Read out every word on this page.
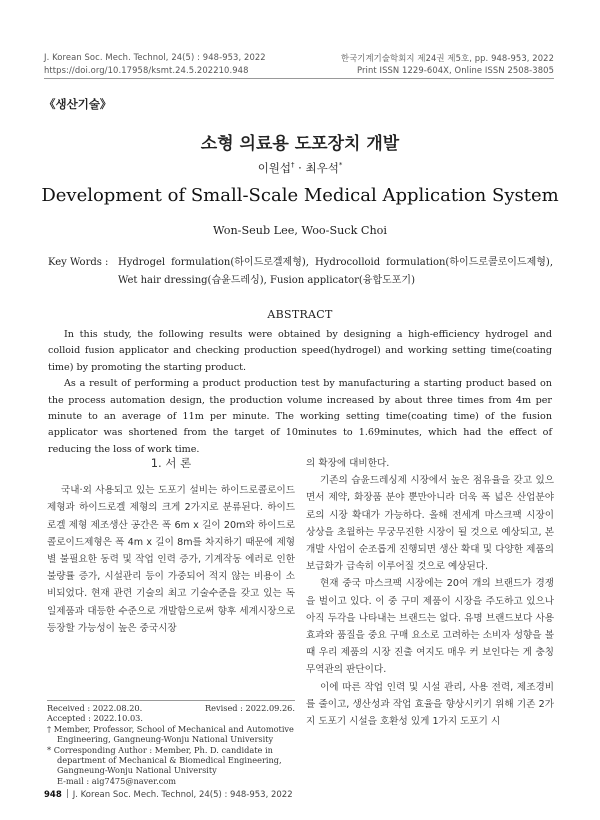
J. Korean Soc. Mech. Technol, 24(5) : 948-953, 2022
https://doi.org/10.17958/ksmt.24.5.202210.948
한국기계기술학회지 제24권 제5호, pp. 948-953, 2022
Print ISSN 1229-604X, Online ISSN 2508-3805
《생산기술》
소형 의료용 도포장치 개발
이원섭† · 최우석*
Development of Small-Scale Medical Application System
Won-Seub Lee, Woo-Suck Choi
Key Words : Hydrogel formulation(하이드로겔제형), Hydrocolloid formulation(하이드로콜로이드제형), Wet hair dressing(습윤드레싱), Fusion applicator(융합도포기)
ABSTRACT

In this study, the following results were obtained by designing a high-efficiency hydrogel and colloid fusion applicator and checking production speed(hydrogel) and working setting time(coating time) by promoting the starting product.

As a result of performing a product production test by manufacturing a starting product based on the process automation design, the production volume increased by about three times from 4m per minute to an average of 11m per minute. The working setting time(coating time) of the fusion applicator was shortened from the target of 10minutes to 1.69minutes, which had the effect of reducing the loss of work time.

1. 서 론

국내·외 사용되고 있는 도포기 설비는 하이드로콜로이드제형과 하이드로겔 제형의 크게 2가지로 분류된다. 하이드로겔 제형 제조생산 공간은 폭 6m x 길이 20m와 하이드로콜로이드제형은 폭 4m x 길이 8m를 차지하기 때문에 제형별 불필요한 동력 및 작업 인력 증가, 기계작동 에러로 인한 불량률 증가, 시설관리 등이 가중되어 적지 않는 비용이 소비되었다. 현재 관련 기술의 최고 기술수준을 갖고 있는 독일제품과 대등한 수준으로 개발함으로써 향후 세계시장으로 등장할 가능성이 높은 중국시장

의 확장에 대비한다.

기존의 습윤드레싱제 시장에서 높은 점유율을 갖고 있으면서 제약, 화장품 분야 뿐만아니라 더욱 폭 넓은 산업분야로의 시장 확대가 가능하다. 올해 전세계 마스크팩 시장이 상상을 초월하는 무궁무진한 시장이 될 것으로 예상되고, 본 개발 사업이 순조롭게 진행되면 생산 확대 및 다양한 제품의 보급화가 급속히 이루어질 것으로 예상된다.

현재 중국 마스크팩 시장에는 20여 개의 브랜드가 경쟁을 벌이고 있다. 이 중 구미 제품이 시장을 주도하고 있으나 아직 두각을 나타내는 브랜드는 없다. 유명 브랜드보다 사용 효과와 품질을 중요 구매 요소로 고려하는 소비자 성향을 볼 때 우리 제품의 시장 진출 여지도 매우 커 보인다는 게 충칭 무역관의 판단이다.

이에 따른 작업 인력 및 시설 관리, 사용 전력, 제조경비를 줄이고, 생산성과 작업 효율을 향상시키기 위해 기존 2가지 도포기 시설을 호환성 있게 1가지 도포기 시

Received : 2022.08.20.	Revised : 2022.09.26.
Accepted : 2022.10.03.
† Member, Professor, School of Mechanical and Automotive Engineering, Gangneung-Wonju National University
* Corresponding Author : Member, Ph. D. candidate in department of Mechanical & Biomedical Engineering, Gangneung-Wonju National University
E-mail : aig7475@naver.com
948 J. Korean Soc. Mech. Technol, 24(5) : 948-953, 2022
